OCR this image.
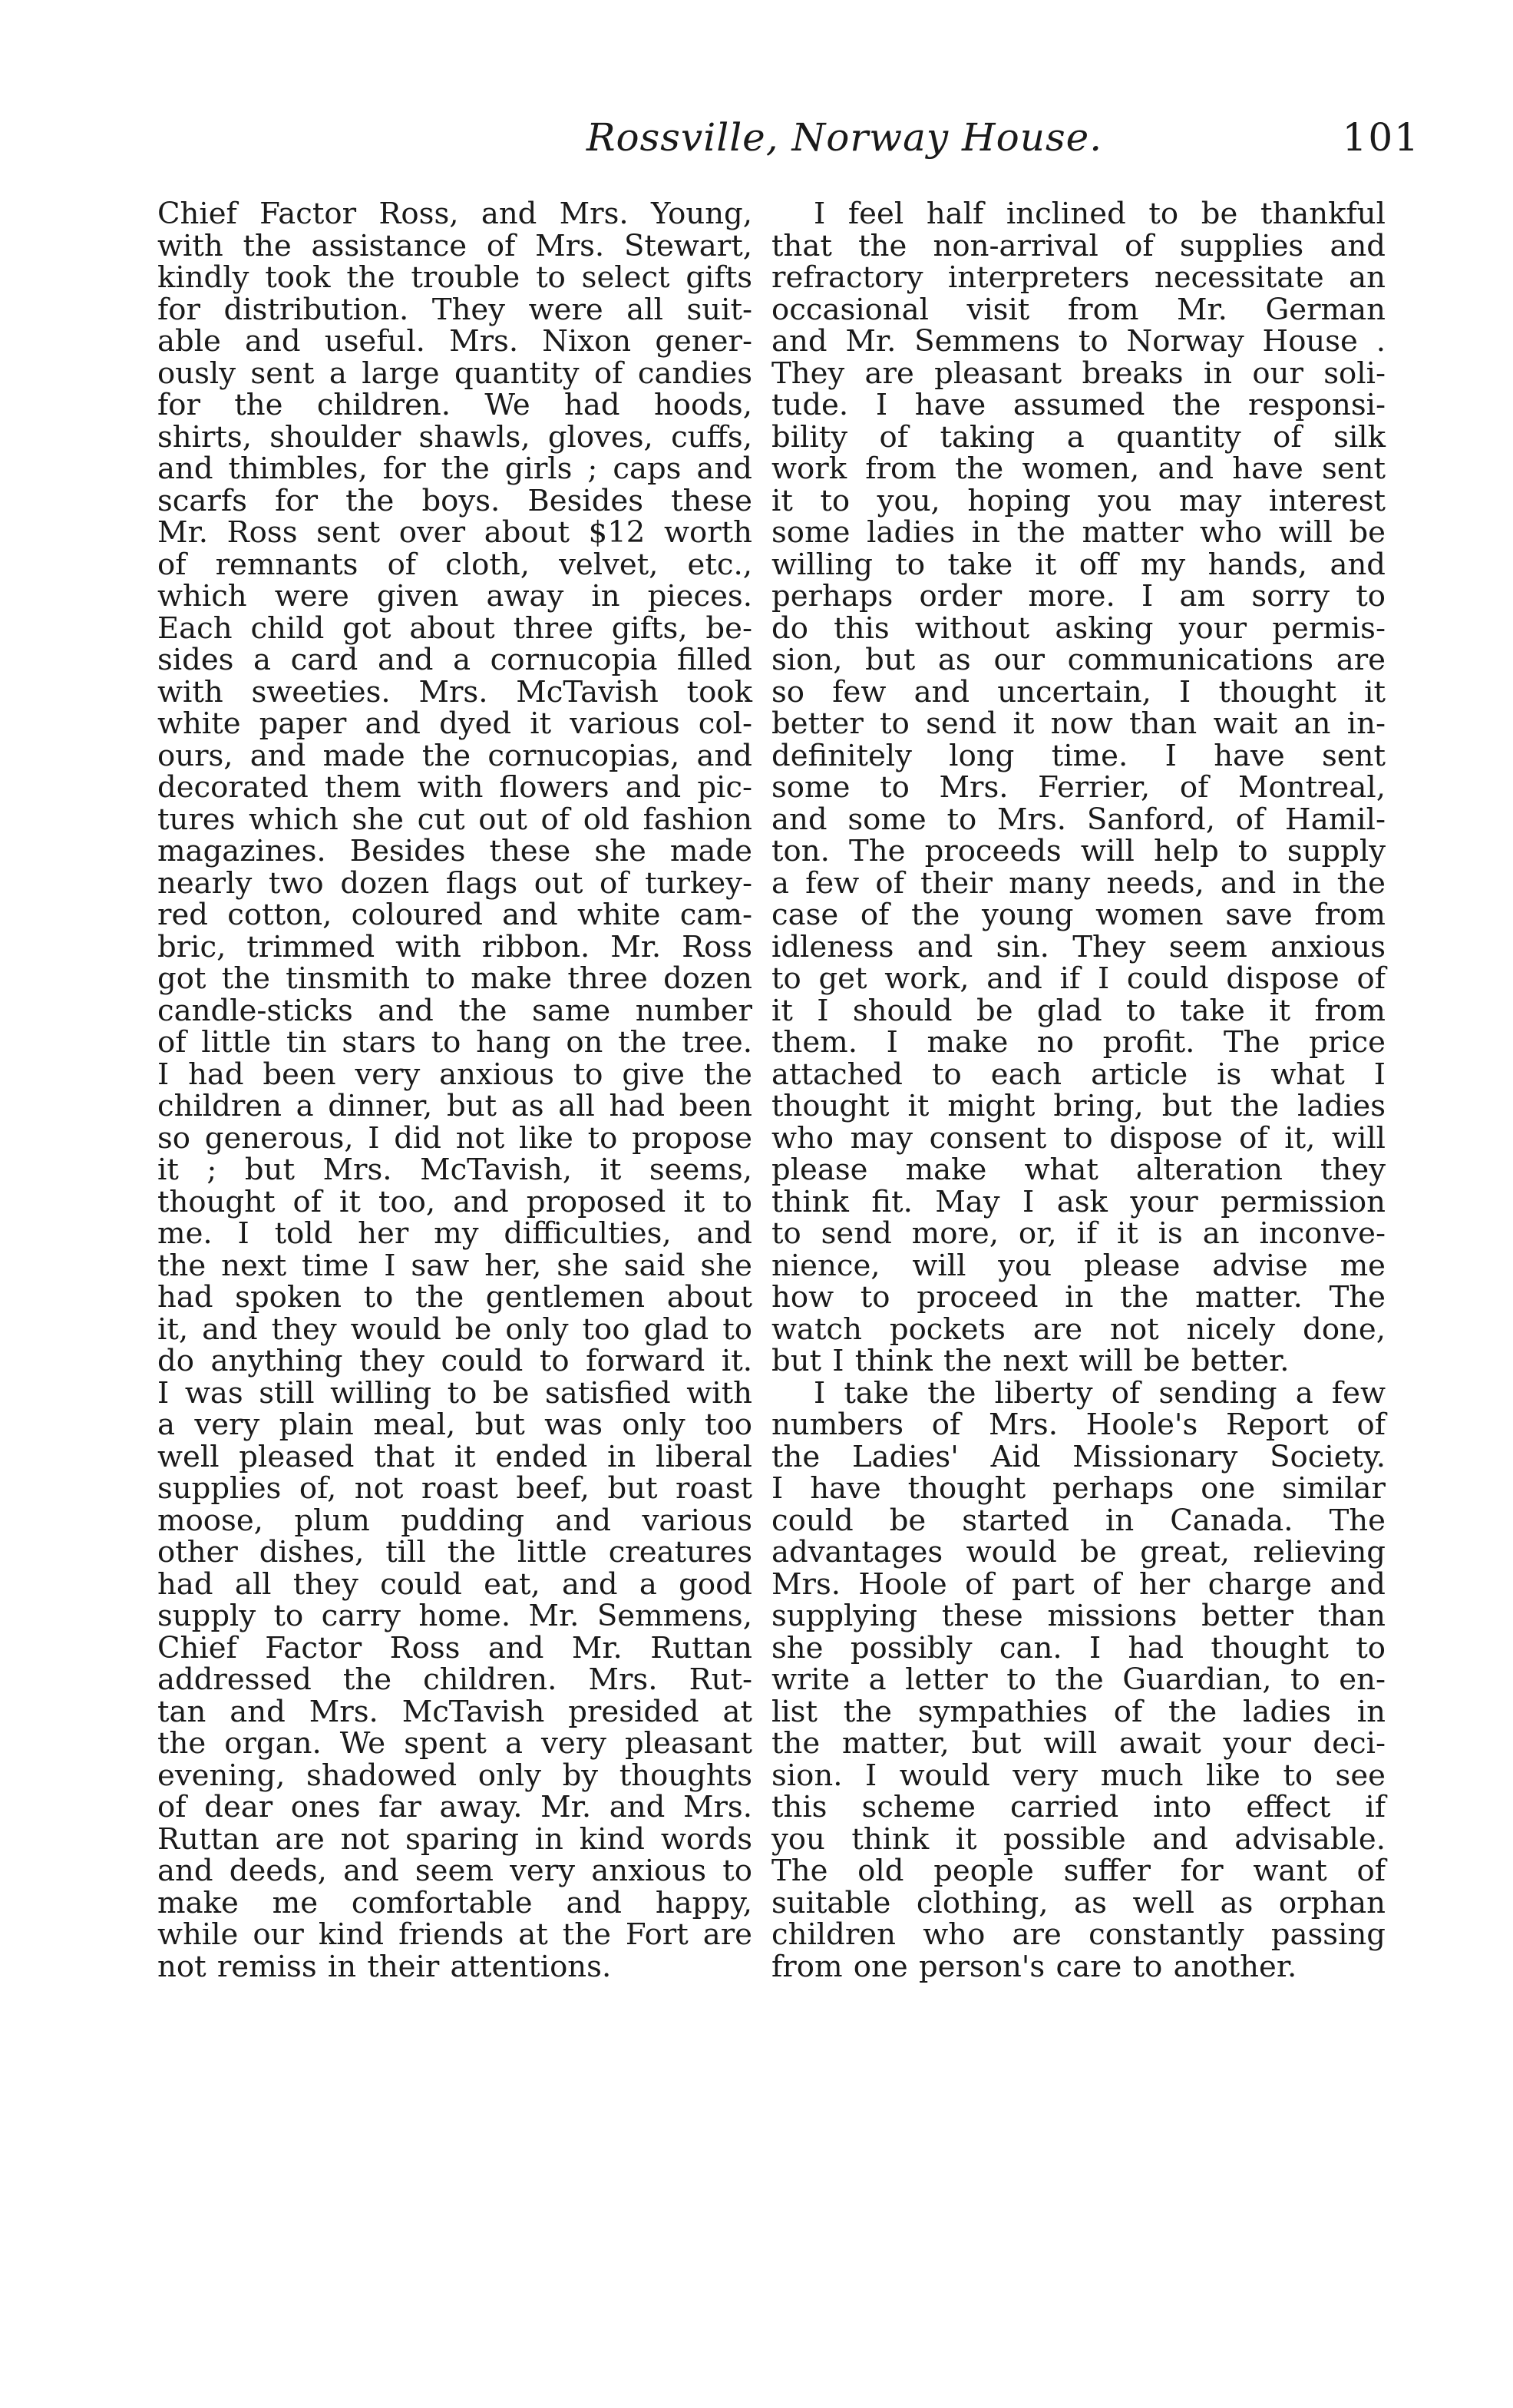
Rossville, Norway House.	101
Chief Factor Ross, and Mrs. Young,
with the assistance of Mrs. Stewart,
kindly took the trouble to select gifts
for distribution. They were all suit-
able and useful. Mrs. Nixon gener-
ously sent a large quantity of candies
for the children. We had hoods,
shirts, shoulder shawls, gloves, cuffs,
and thimbles, for the girls ; caps and
scarfs for the boys. Besides these
Mr. Ross sent over about $12 worth
of remnants of cloth, velvet, etc.,
which were given away in pieces.
Each child got about three gifts, be-
sides a card and a cornucopia filled
with sweeties. Mrs. McTavish took
white paper and dyed it various col-
ours, and made the cornucopias, and
decorated them with flowers and pic-
tures which she cut out of old fashion
magazines. Besides these she made
nearly two dozen flags out of turkey-
red cotton, coloured and white cam-
bric, trimmed with ribbon. Mr. Ross
got the tinsmith to make three dozen
candle-sticks and the same number
of little tin stars to hang on the tree.
I had been very anxious to give the
children a dinner, but as all had been
so generous, I did not like to propose
it ; but Mrs. McTavish, it seems,
thought of it too, and proposed it to
me. I told her my difficulties, and
the next time I saw her, she said she
had spoken to the gentlemen about
it, and they would be only too glad to
do anything they could to forward it.
I was still willing to be satisfied with
a very plain meal, but was only too
well pleased that it ended in liberal
supplies of, not roast beef, but roast
moose, plum pudding and various
other dishes, till the little creatures
had all they could eat, and a good
supply to carry home. Mr. Semmens,
Chief Factor Ross and Mr. Ruttan
addressed the children. Mrs. Rut-
tan and Mrs. McTavish presided at
the organ. We spent a very pleasant
evening, shadowed only by thoughts
of dear ones far away. Mr. and Mrs.
Ruttan are not sparing in kind words
and deeds, and seem very anxious to
make me comfortable and happy,
while our kind friends at the Fort are
not remiss in their attentions.
I feel half inclined to be thankful
that the non-arrival of supplies and
refractory interpreters necessitate an
occasional visit from Mr. German
and Mr. Semmens to Norway House .
They are pleasant breaks in our soli-
tude. I have assumed the responsi-
bility of taking a quantity of silk
work from the women, and have sent
it to you, hoping you may interest
some ladies in the matter who will be
willing to take it off my hands, and
perhaps order more. I am sorry to
do this without asking your permis-
sion, but as our communications are
so few and uncertain, I thought it
better to send it now than wait an in-
definitely long time. I have sent
some to Mrs. Ferrier, of Montreal,
and some to Mrs. Sanford, of Hamil-
ton. The proceeds will help to supply
a few of their many needs, and in the
case of the young women save from
idleness and sin. They seem anxious
to get work, and if I could dispose of
it I should be glad to take it from
them. I make no profit. The price
attached to each article is what I
thought it might bring, but the ladies
who may consent to dispose of it, will
please make what alteration they
think fit. May I ask your permission
to send more, or, if it is an inconve-
nience, will you please advise me
how to proceed in the matter. The
watch pockets are not nicely done,
but I think the next will be better.
I take the liberty of sending a few
numbers of Mrs. Hoole's Report of
the Ladies' Aid Missionary Society.
I have thought perhaps one similar
could be started in Canada. The
advantages would be great, relieving
Mrs. Hoole of part of her charge and
supplying these missions better than
she possibly can. I had thought to
write a letter to the Guardian, to en-
list the sympathies of the ladies in
the matter, but will await your deci-
sion. I would very much like to see
this scheme carried into effect if
you think it possible and advisable.
The old people suffer for want of
suitable clothing, as well as orphan
children who are constantly passing
from one person's care to another.
